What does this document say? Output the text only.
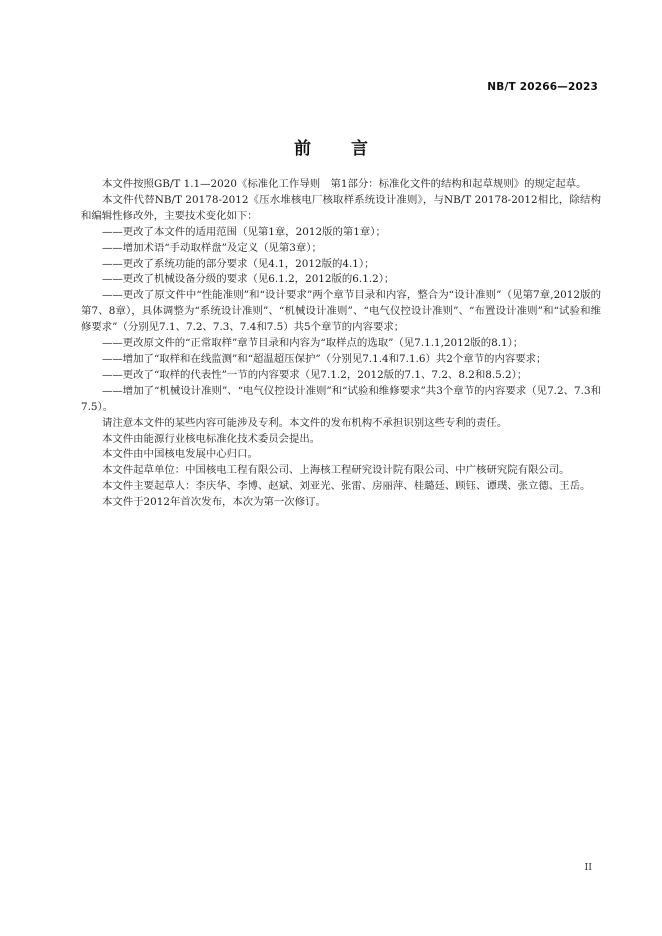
NB/T 20266—2023
前言

本文件按照GB/T 1.1—2020《标准化工作导则　第1部分：标准化文件的结构和起草规则》的规定起草。

本文件代替NB/T 20178-2012《压水堆核电厂核取样系统设计准则》，与NB/T 20178-2012相比，除结构和编辑性修改外，主要技术变化如下：

——更改了本文件的适用范围（见第1章，2012版的第1章）；

——增加术语“手动取样盘”及定义（见第3章）；

——更改了系统功能的部分要求（见4.1，2012版的4.1）；

——更改了机械设备分级的要求（见6.1.2，2012版的6.1.2）；

——更改了原文件中“性能准则”和“设计要求”两个章节目录和内容，整合为“设计准则”（见第7章,2012版的第7、8章），具体调整为“系统设计准则”、“机械设计准则”、“电气仪控设计准则”、“布置设计准则”和“试验和维修要求”（分别见7.1、7.2、7.3、7.4和7.5）共5个章节的内容要求；

——更改原文件的“正常取样”章节目录和内容为“取样点的选取”（见7.1.1,2012版的8.1）；

——增加了“取样和在线监测”和“超温超压保护”（分别见7.1.4和7.1.6）共2个章节的内容要求；

——更改了“取样的代表性”一节的内容要求（见7.1.2，2012版的7.1、7.2、8.2和8.5.2）；

——增加了“机械设计准则”、“电气仪控设计准则”和“试验和维修要求”共3个章节的内容要求（见7.2、7.3和7.5）。

请注意本文件的某些内容可能涉及专利。本文件的发布机构不承担识别这些专利的责任。

本文件由能源行业核电标准化技术委员会提出。

本文件由中国核电发展中心归口。

本文件起草单位：中国核电工程有限公司、上海核工程研究设计院有限公司、中广核研究院有限公司。

本文件主要起草人：李庆华、李博、赵斌、刘亚光、张雷、房丽萍、桂璐廷、顾钰、谭璞、张立德、王岳。

本文件于2012年首次发布，本次为第一次修订。

II
